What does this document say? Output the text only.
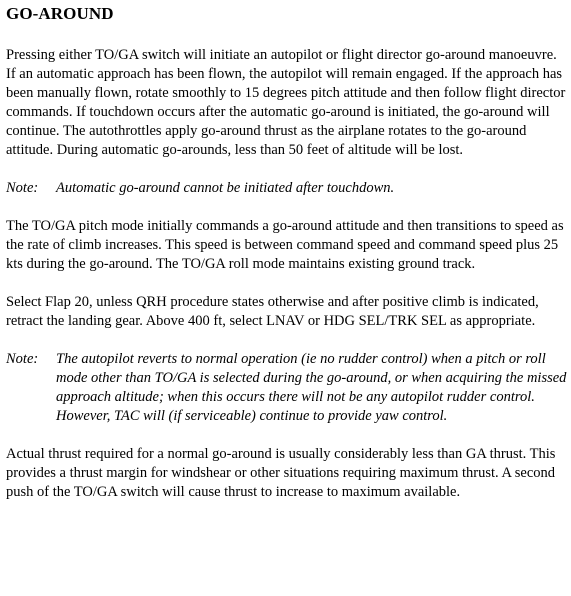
GO-AROUND

Pressing either TO/GA switch will initiate an autopilot or flight director go-around manoeuvre. If an automatic approach has been flown, the autopilot will remain engaged. If the approach has been manually flown, rotate smoothly to 15 degrees pitch attitude and then follow flight director commands. If touchdown occurs after the automatic go-around is initiated, the go-around will continue. The autothrottles apply go-around thrust as the airplane rotates to the go-around attitude. During automatic go-arounds, less than 50 feet of altitude will be lost.

Note:	Automatic go-around cannot be initiated after touchdown.

The TO/GA pitch mode initially commands a go-around attitude and then transitions to speed as the rate of climb increases. This speed is between command speed and command speed plus 25 kts during the go-around. The TO/GA roll mode maintains existing ground track.

Select Flap 20, unless QRH procedure states otherwise and after positive climb is indicated, retract the landing gear. Above 400 ft, select LNAV or HDG SEL/TRK SEL as appropriate.

Note:	The autopilot reverts to normal operation (ie no rudder control) when a pitch or roll mode other than TO/GA is selected during the go-around, or when acquiring the missed approach altitude; when this occurs there will not be any autopilot rudder control. However, TAC will (if serviceable) continue to provide yaw control.

Actual thrust required for a normal go-around is usually considerably less than GA thrust. This provides a thrust margin for windshear or other situations requiring maximum thrust. A second push of the TO/GA switch will cause thrust to increase to maximum available.
